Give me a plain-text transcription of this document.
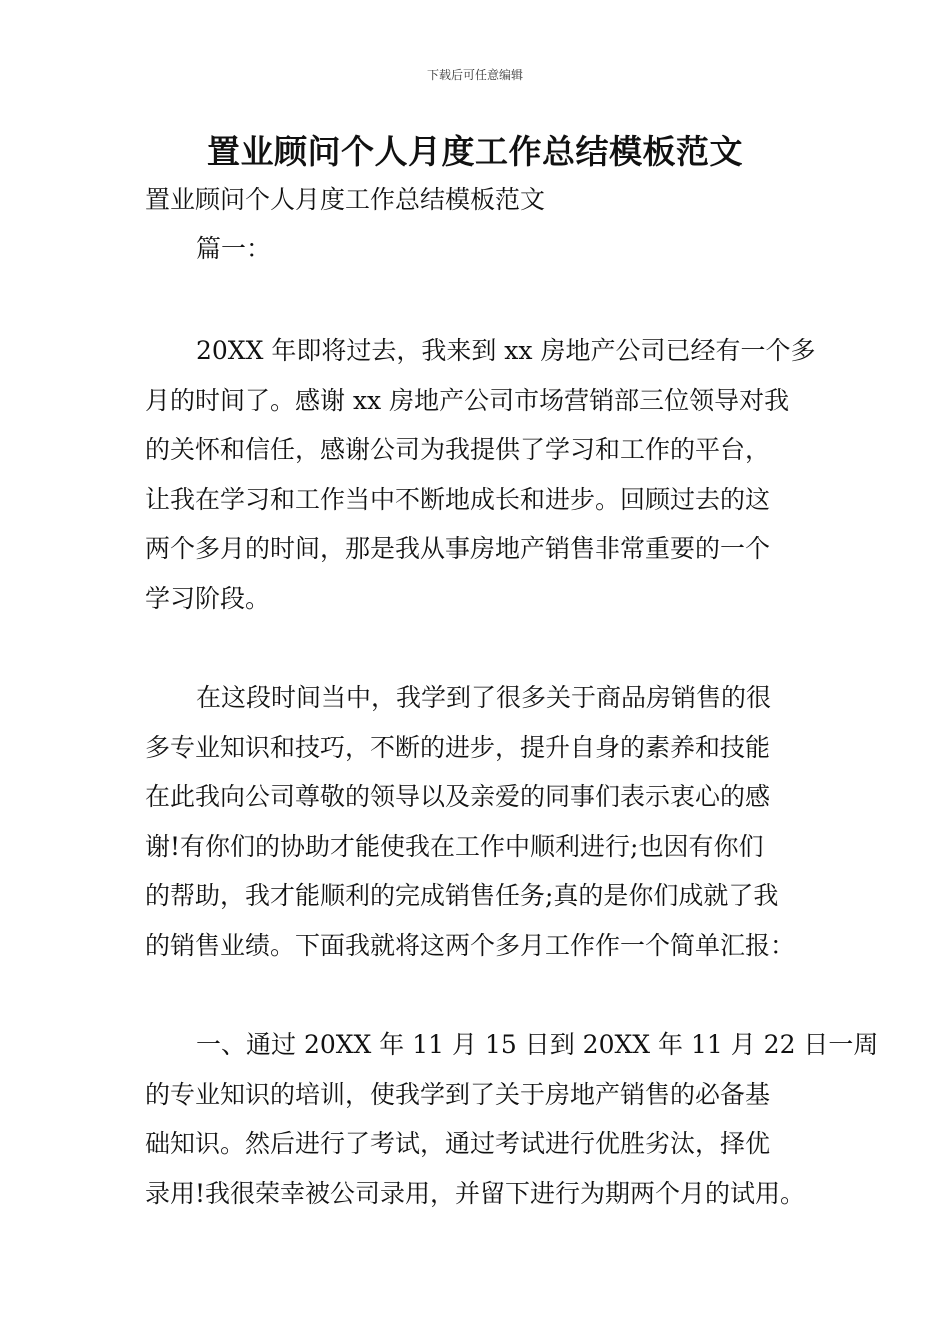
下载后可任意编辑
置业顾问个人月度工作总结模板范文
置业顾问个人月度工作总结模板范文
篇一：
20XX 年即将过去，我来到 xx 房地产公司已经有一个多
月的时间了。感谢 xx 房地产公司市场营销部三位领导对我
的关怀和信任，感谢公司为我提供了学习和工作的平台，
让我在学习和工作当中不断地成长和进步。回顾过去的这
两个多月的时间，那是我从事房地产销售非常重要的一个
学习阶段。
在这段时间当中，我学到了很多关于商品房销售的很
多专业知识和技巧，不断的进步，提升自身的素养和技能
在此我向公司尊敬的领导以及亲爱的同事们表示衷心的感
谢!有你们的协助才能使我在工作中顺利进行;也因有你们
的帮助，我才能顺利的完成销售任务;真的是你们成就了我
的销售业绩。下面我就将这两个多月工作作一个简单汇报：
一、通过 20XX 年 11 月 15 日到 20XX 年 11 月 22 日一周
的专业知识的培训，使我学到了关于房地产销售的必备基
础知识。然后进行了考试，通过考试进行优胜劣汰，择优
录用!我很荣幸被公司录用，并留下进行为期两个月的试用。
